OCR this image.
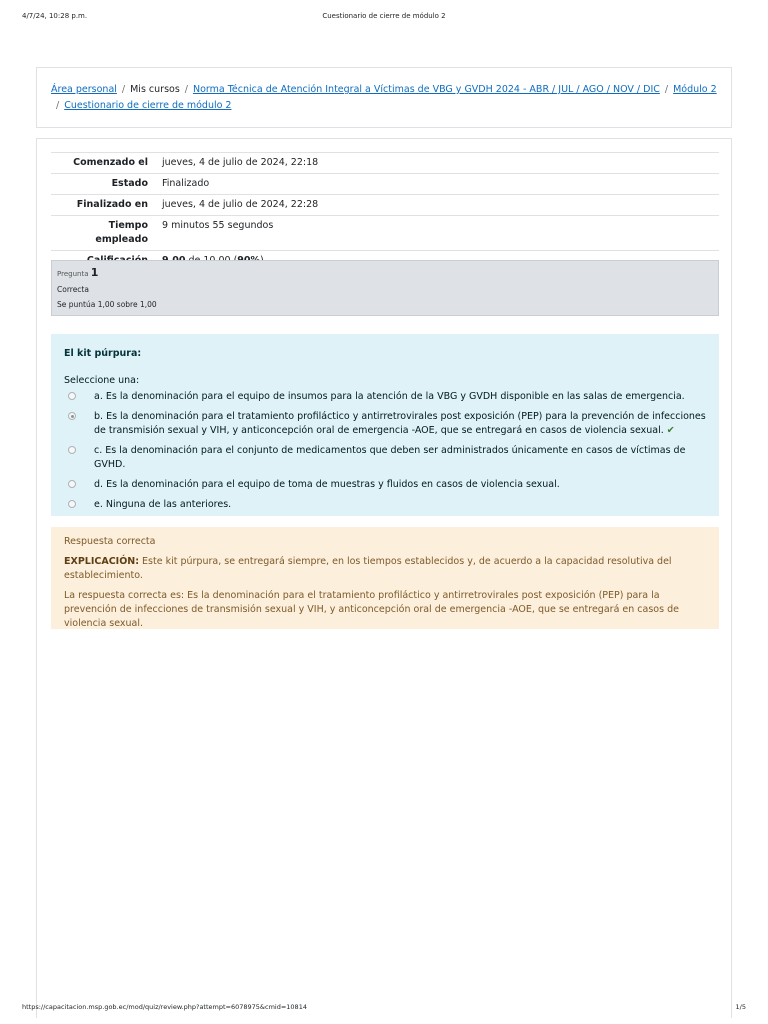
4/7/24, 10:28 p.m.	Cuestionario de cierre de módulo 2
Área personal / Mis cursos / Norma Técnica de Atención Integral a Víctimas de VBG y GVDH 2024 - ABR / JUL / AGO / NOV / DIC / Módulo 2
/ Cuestionario de cierre de módulo 2
Comenzado el	jueves, 4 de julio de 2024, 22:18
Estado	Finalizado
Finalizado en	jueves, 4 de julio de 2024, 22:28
Tiempo
empleado	9 minutos 55 segundos

Pregunta 1
Correcta
Se puntúa 1,00 sobre 1,00
El kit púrpura:
Seleccione una:
a. Es la denominación para el equipo de insumos para la atención de la VBG y GVDH disponible en las salas de emergencia.
b. Es la denominación para el tratamiento profiláctico y antirretrovirales post exposición (PEP) para la prevención de infecciones de transmisión sexual y VIH, y anticoncepción oral de emergencia -AOE, que se entregará en casos de violencia sexual. ✔
c. Es la denominación para el conjunto de medicamentos que deben ser administrados únicamente en casos de víctimas de GVHD.
d. Es la denominación para el equipo de toma de muestras y fluidos en casos de violencia sexual.
e. Ninguna de las anteriores.

Respuesta correcta

EXPLICACIÓN: Este kit púrpura, se entregará siempre, en los tiempos establecidos y, de acuerdo a la capacidad resolutiva del establecimiento.

La respuesta correcta es: Es la denominación para el tratamiento profiláctico y antirretrovirales post exposición (PEP) para la prevención de infecciones de transmisión sexual y VIH, y anticoncepción oral de emergencia -AOE, que se entregará en casos de violencia sexual.

https://capacitacion.msp.gob.ec/mod/quiz/review.php?attempt=6078975&cmid=10814	1/5
